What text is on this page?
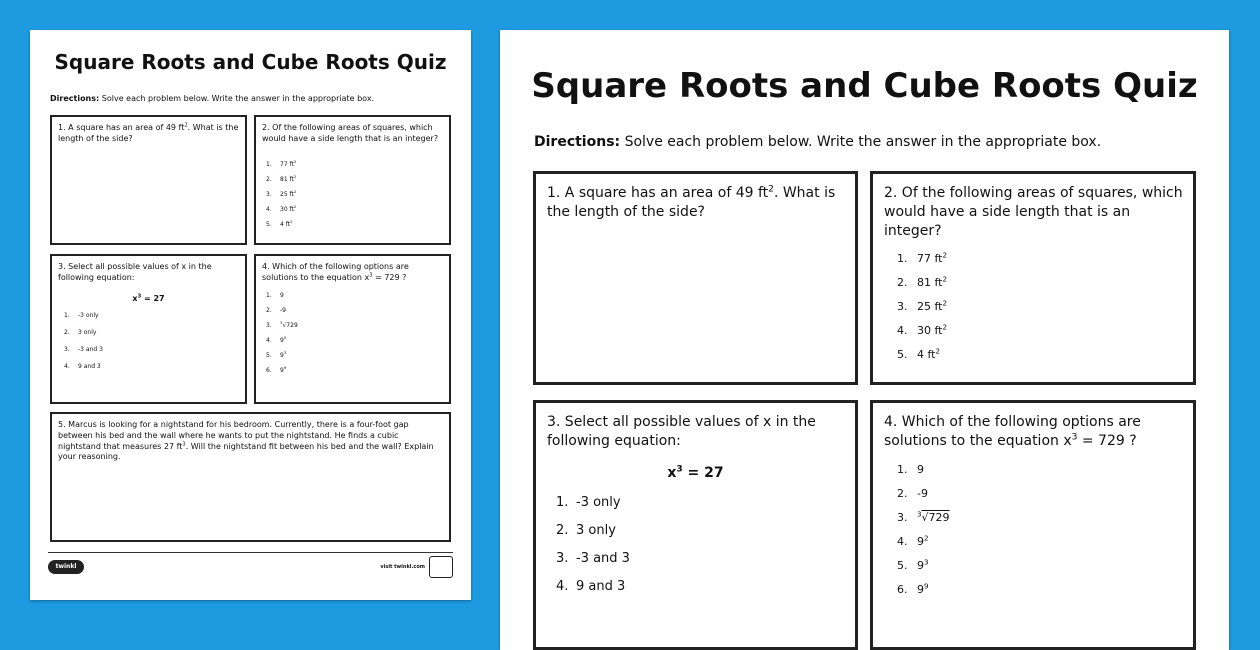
Square Roots and Cube Roots Quiz
Directions: Solve each problem below. Write the answer in the appropriate box.
1. A square has an area of 49 $ft^2$. What is the length of the side?
2. Of the following areas of squares, which would have a side length that is an integer?
1. 77 $ft^2$
2. 81 $ft^2$
3. 25 $ft^2$
4. 30 $ft^2$
5. 4 $ft^2$
3. Select all possible values of x in the following equation:
$x^3 = 27$
1. -3 only
2. 3 only
3. -3 and 3
4. 9 and 3
4. Which of the following options are solutions to the equation $x^3 = 729$ ?
1. 9
2. -9
3. $^3$√729
4. $9^2$
5. $9^3$
6. $9^9$
5. Marcus is looking for a nightstand for his bedroom. Currently, there is a four-foot gap between his bed and the wall where he wants to put the nightstand. He finds a cubic nightstand that measures 27 $ft^3$. Will the nightstand fit between his bed and the wall? Explain your reasoning.
twinkl	visit twinkl.com
Square Roots and Cube Roots Quiz
Directions: Solve each problem below. Write the answer in the appropriate box.
1. A square has an area of 49 $ft^2$. What is the length of the side?
2. Of the following areas of squares, which would have a side length that is an integer?
1. 77 $ft^2$
2. 81 $ft^2$
3. 25 $ft^2$
4. 30 $ft^2$
5. 4 $ft^2$
3. Select all possible values of x in the following equation:
$x^3 = 27$
1. -3 only
2. 3 only
3. -3 and 3
4. 9 and 3
4. Which of the following options are solutions to the equation $x^3 = 729$ ?
1. 9
2. -9
3. $^3$√729
4. $9^2$
5. $9^3$
6. $9^9$
